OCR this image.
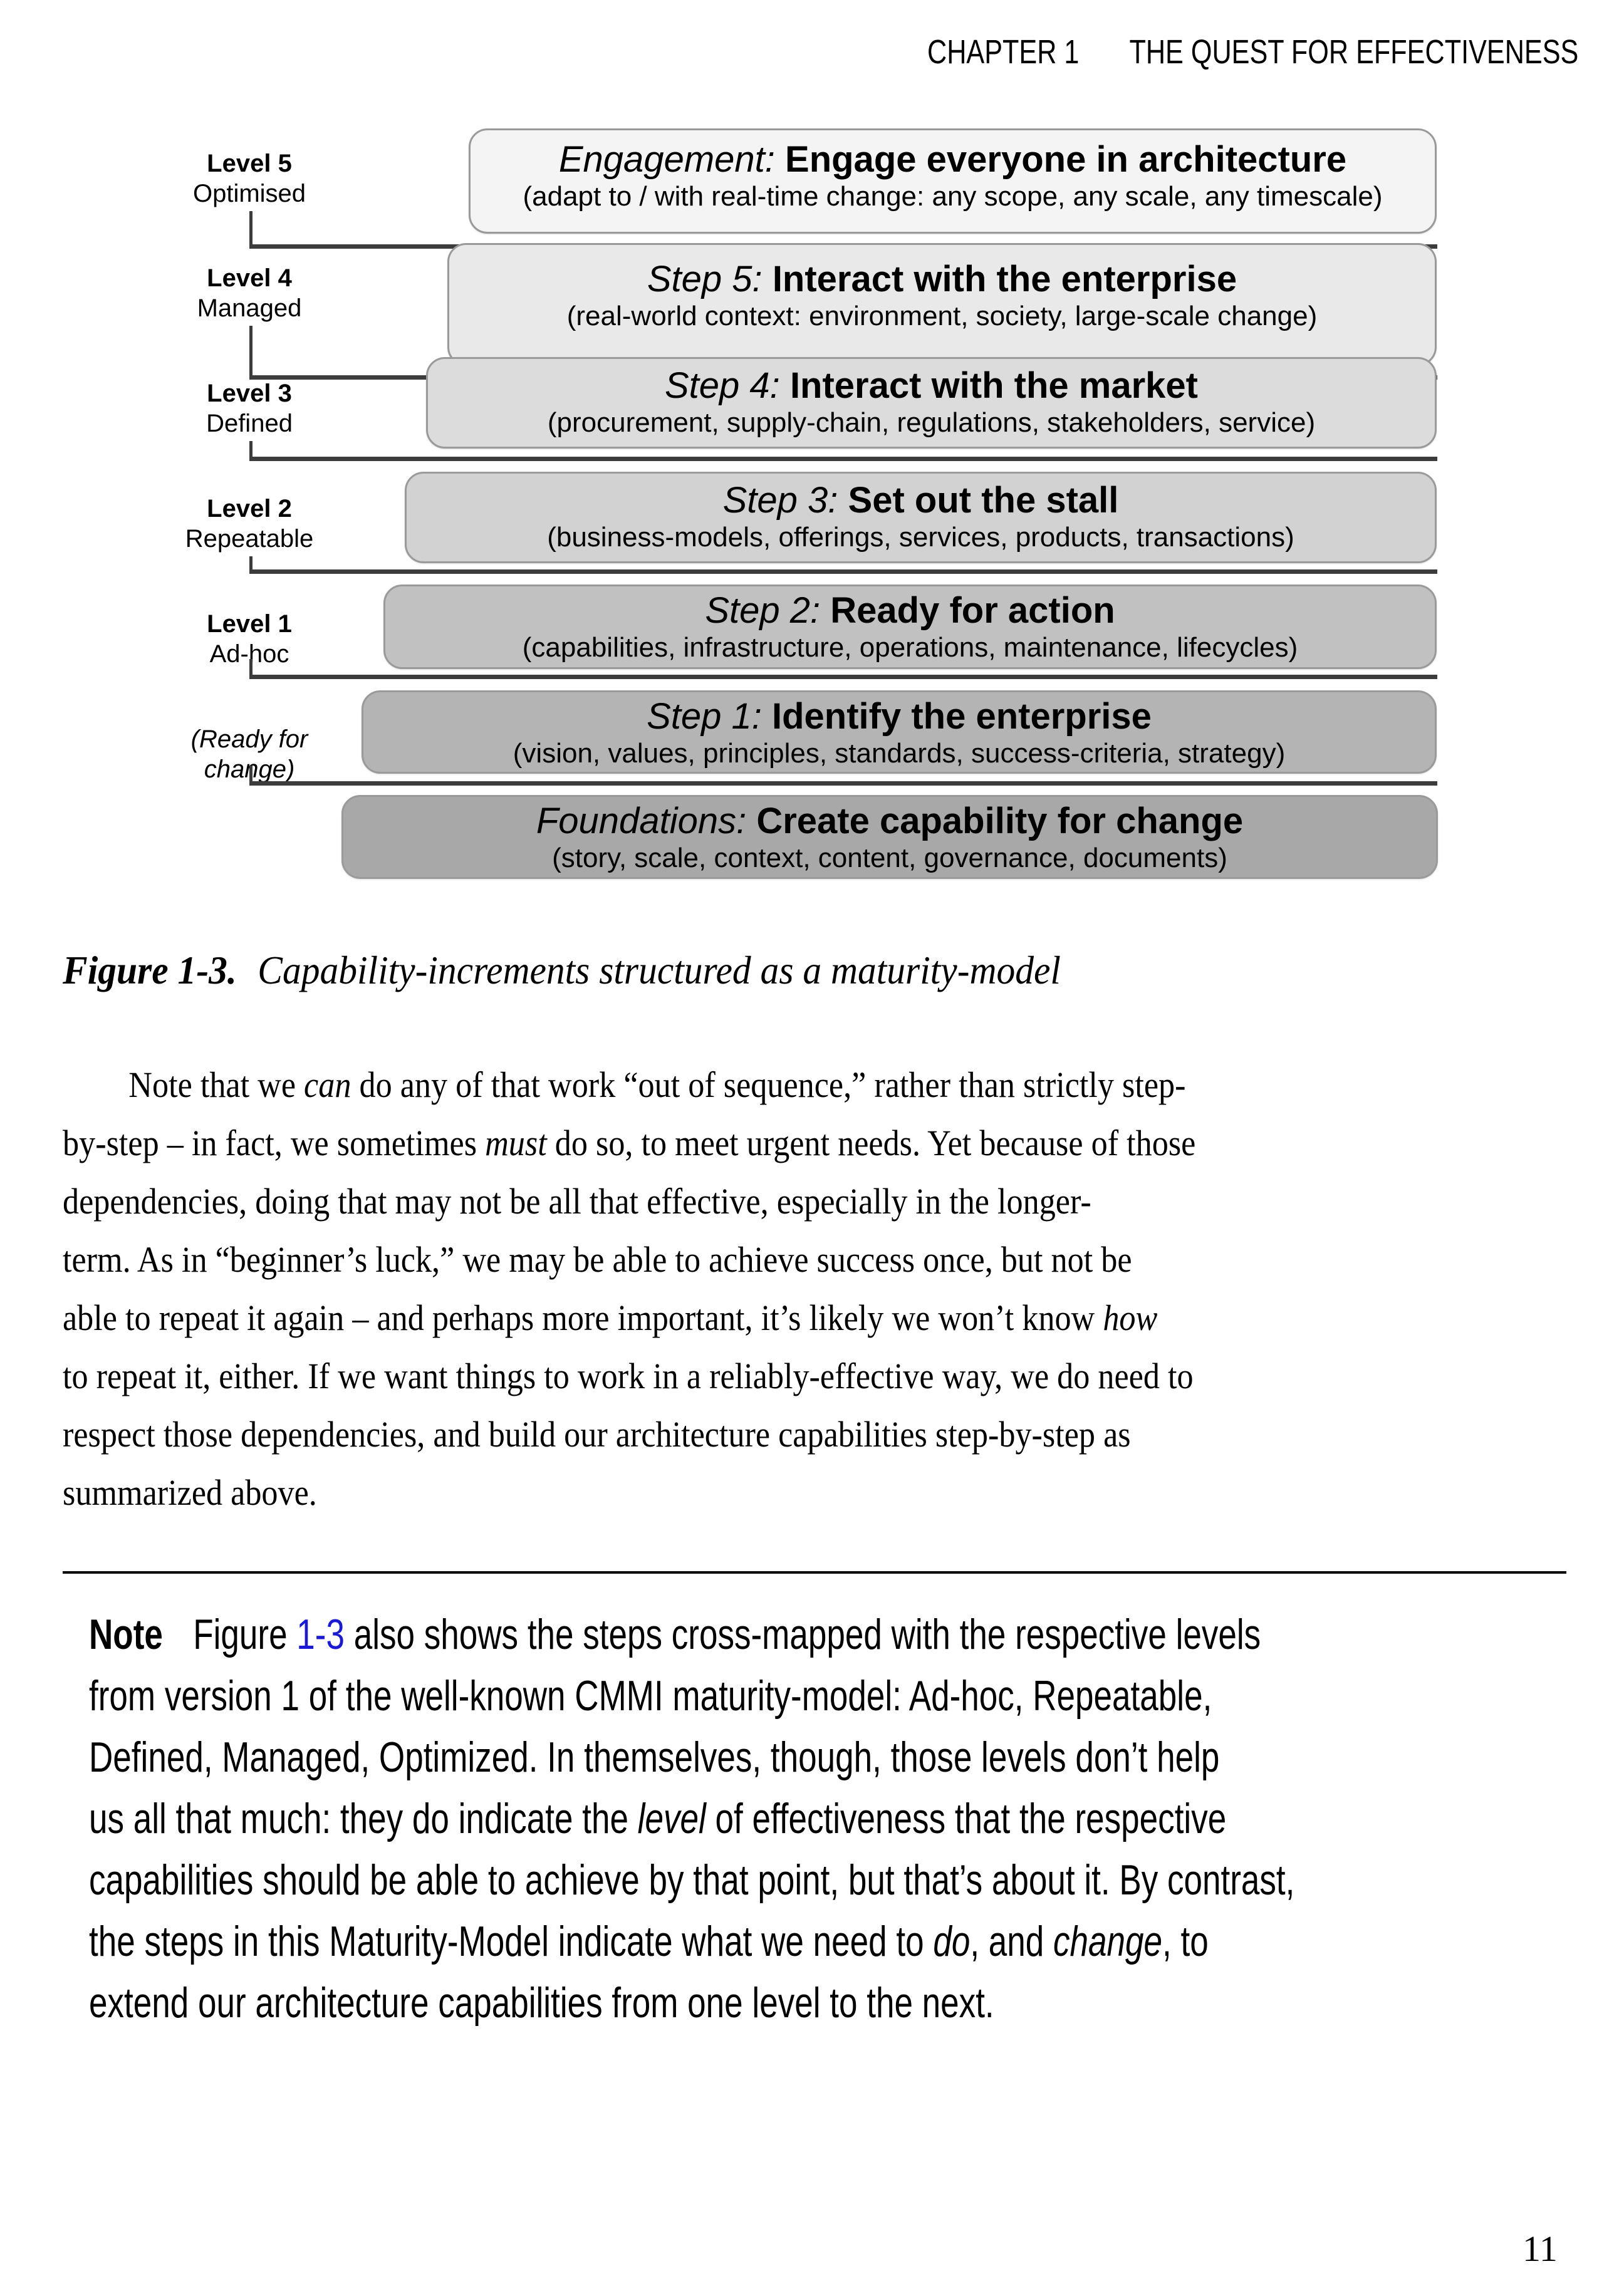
CHAPTER 1 THE QUEST FOR EFFECTIVENESS
Level 5
Optimised
Level 4
Managed
Level 3
Defined
Level 2
Repeatable
Level 1
Ad-hoc
(Ready for
change)
Engagement: Engage everyone in architecture
(adapt to / with real-time change: any scope, any scale, any timescale)
Step 5: Interact with the enterprise
(real-world context: environment, society, large-scale change)
Step 4: Interact with the market
(procurement, supply-chain, regulations, stakeholders, service)
Step 3: Set out the stall
(business-models, offerings, services, products, transactions)
Step 2: Ready for action
(capabilities, infrastructure, operations, maintenance, lifecycles)
Step 1: Identify the enterprise
(vision, values, principles, standards, success-criteria, strategy)
Foundations: Create capability for change
(story, scale, context, content, governance, documents)
Figure 1-3. Capability-increments structured as a maturity-model
Note that we can do any of that work “out of sequence,” rather than strictly step-
by-step – in fact, we sometimes must do so, to meet urgent needs. Yet because of those
dependencies, doing that may not be all that effective, especially in the longer-
term. As in “beginner’s luck,” we may be able to achieve success once, but not be
able to repeat it again – and perhaps more important, it’s likely we won’t know how
to repeat it, either. If we want things to work in a reliably-effective way, we do need to
respect those dependencies, and build our architecture capabilities step-by-step as
summarized above.
Note Figure 1-3 also shows the steps cross-mapped with the respective levels
from version 1 of the well-known CMMI maturity-model: Ad-hoc, Repeatable,
Defined, Managed, Optimized. In themselves, though, those levels don’t help
us all that much: they do indicate the level of effectiveness that the respective
capabilities should be able to achieve by that point, but that’s about it. By contrast,
the steps in this Maturity-Model indicate what we need to do, and change, to
extend our architecture capabilities from one level to the next.
11
